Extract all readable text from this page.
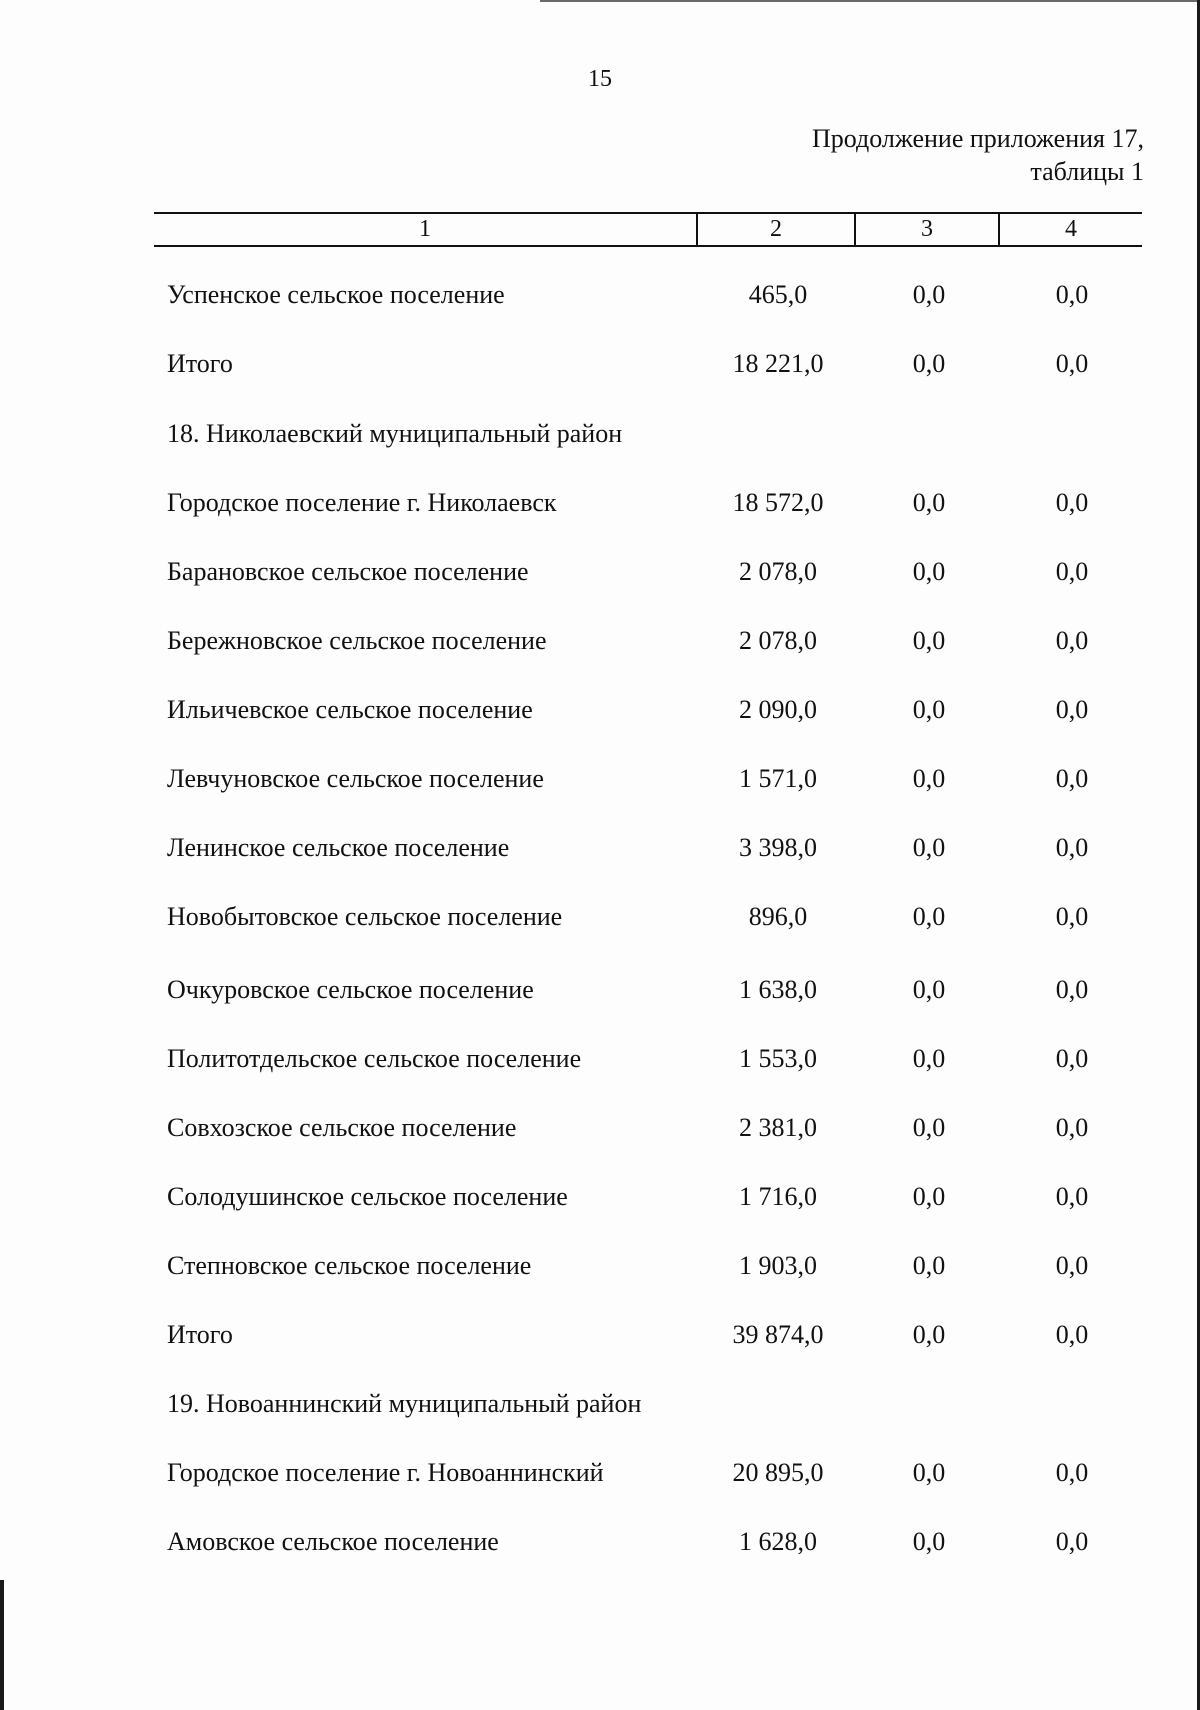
15
Продолжение приложения 17,
таблицы 1
1	2	3	4
Успенское сельское поселение	465,0	0,0	0,0
Итого	18 221,0	0,0	0,0
18. Николаевский муниципальный район
Городское поселение г. Николаевск	18 572,0	0,0	0,0
Барановское сельское поселение	2 078,0	0,0	0,0
Бережновское сельское поселение	2 078,0	0,0	0,0
Ильичевское сельское поселение	2 090,0	0,0	0,0
Левчуновское сельское поселение	1 571,0	0,0	0,0
Ленинское сельское поселение	3 398,0	0,0	0,0
Новобытовское сельское поселение	896,0	0,0	0,0
Очкуровское сельское поселение	1 638,0	0,0	0,0
Политотдельское сельское поселение	1 553,0	0,0	0,0
Совхозское сельское поселение	2 381,0	0,0	0,0
Солодушинское сельское поселение	1 716,0	0,0	0,0
Степновское сельское поселение	1 903,0	0,0	0,0
Итого	39 874,0	0,0	0,0
19. Новоаннинский муниципальный район
Городское поселение г. Новоаннинский	20 895,0	0,0	0,0
Амовское сельское поселение	1 628,0	0,0	0,0
